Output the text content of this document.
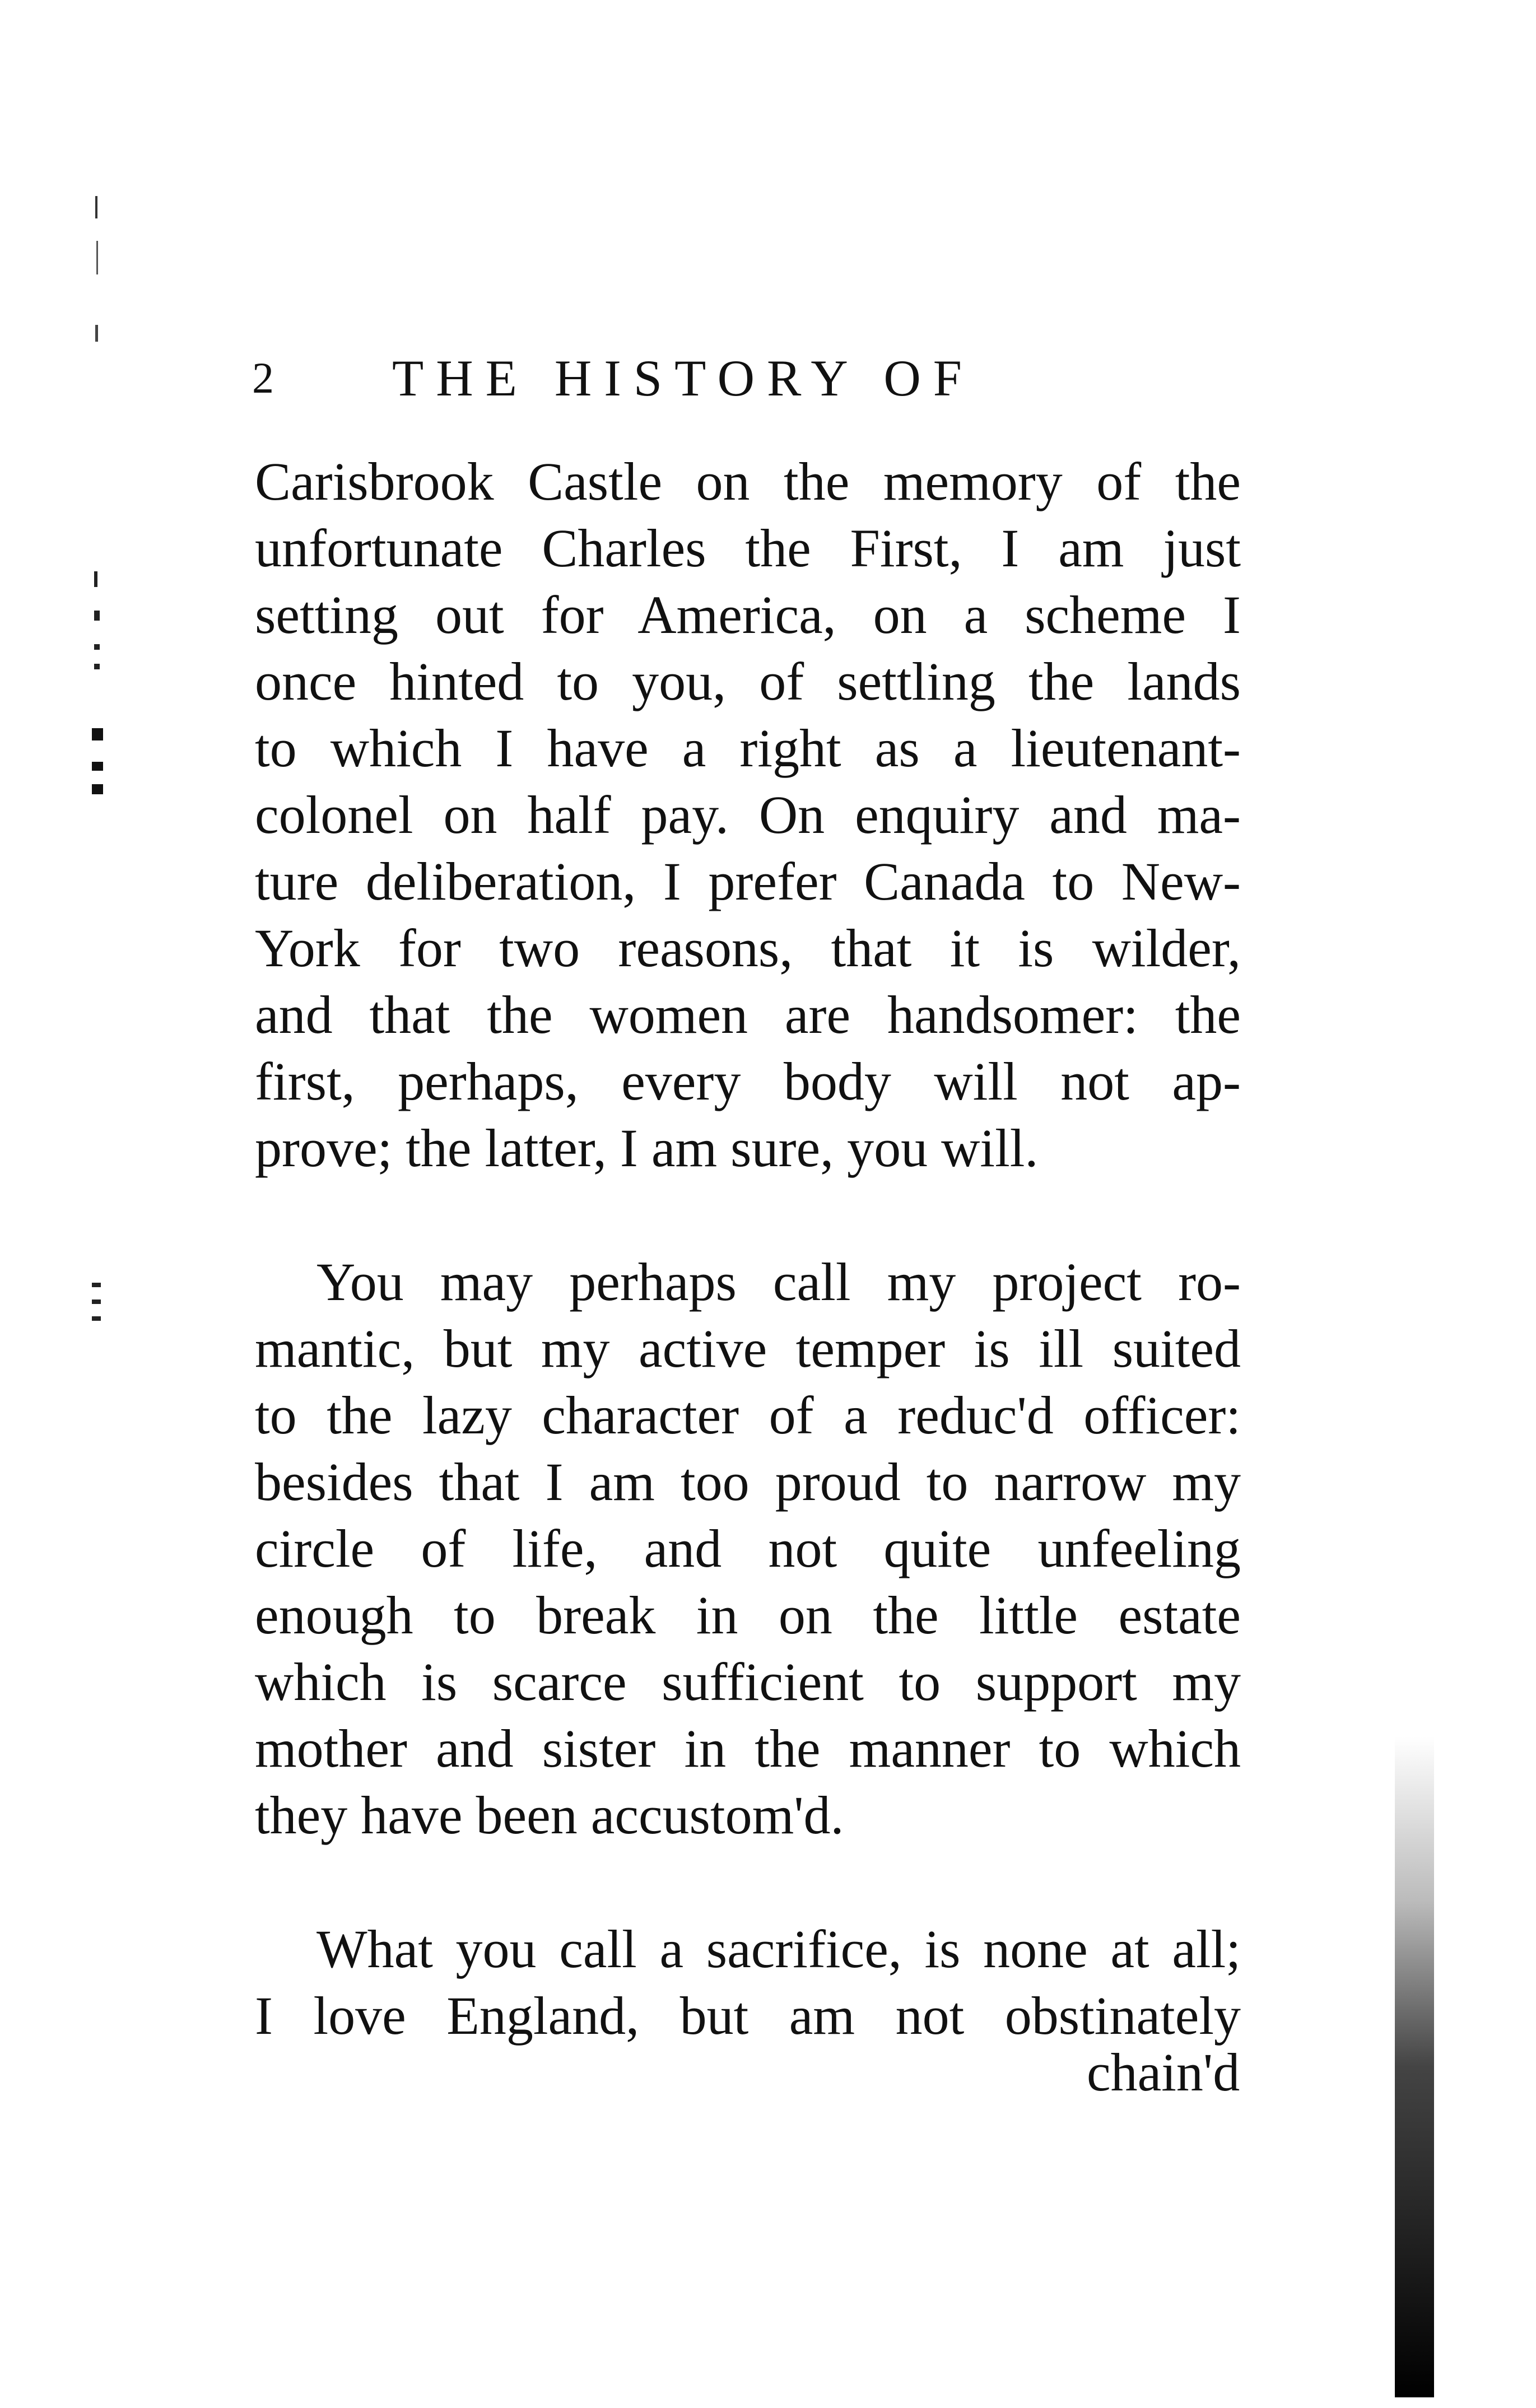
2 THE HISTORY OF
Carisbrook Castle on the memory of the
unfortunate Charles the First, I am just
setting out for America, on a scheme I
once hinted to you, of settling the lands
to which I have a right as a lieutenant-
colonel on half pay. On enquiry and ma-
ture deliberation, I prefer Canada to New-
York for two reasons, that it is wilder,
and that the women are handsomer: the
first, perhaps, every body will not ap-
prove; the latter, I am sure, you will.
You may perhaps call my project ro-
mantic, but my active temper is ill suited
to the lazy character of a reduc'd officer:
besides that I am too proud to narrow my
circle of life, and not quite unfeeling
enough to break in on the little estate
which is scarce sufficient to support my
mother and sister in the manner to which
they have been accustom'd.
What you call a sacrifice, is none at all;
I love England, but am not obstinately
chain'd
